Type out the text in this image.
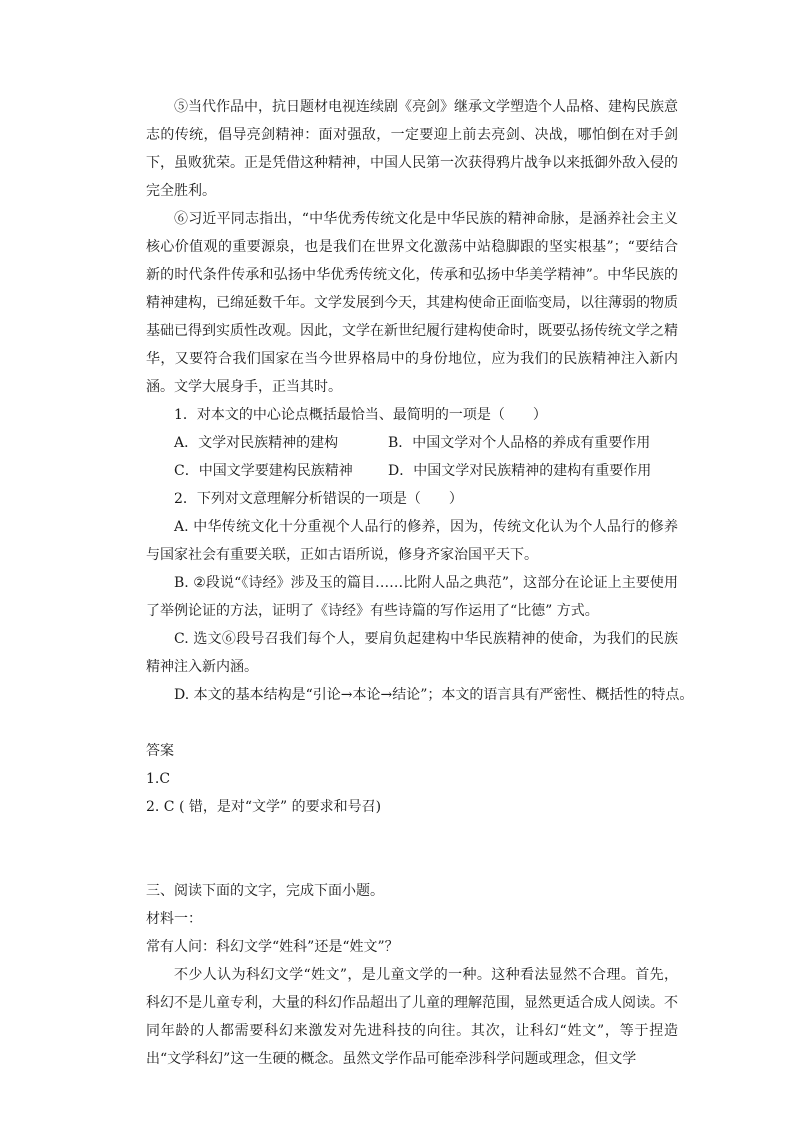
⑤当代作品中，抗日题材电视连续剧《亮剑》继承文学塑造个人品格、建构民族意志的传统，倡导亮剑精神：面对强敌，一定要迎上前去亮剑、决战，哪怕倒在对手剑下，虽败犹荣。正是凭借这种精神，中国人民第一次获得鸦片战争以来抵御外敌入侵的完全胜利。

⑥习近平同志指出，“中华优秀传统文化是中华民族的精神命脉，是涵养社会主义核心价值观的重要源泉，也是我们在世界文化激荡中站稳脚跟的坚实根基”；“要结合新的时代条件传承和弘扬中华优秀传统文化，传承和弘扬中华美学精神”。中华民族的精神建构，已绵延数千年。文学发展到今天，其建构使命正面临变局，以往薄弱的物质基础已得到实质性改观。因此，文学在新世纪履行建构使命时，既要弘扬传统文学之精华，又要符合我们国家在当今世界格局中的身份地位，应为我们的民族精神注入新内涵。文学大展身手，正当其时。

1．对本文的中心论点概括最恰当、最简明的一项是（　　）

A．文学对民族精神的建构	B．中国文学对个人品格的养成有重要作用
C．中国文学要建构民族精神	D．中国文学对民族精神的建构有重要作用

2．下列对文意理解分析错误的一项是（　　）

A. 中华传统文化十分重视个人品行的修养，因为，传统文化认为个人品行的修养与国家社会有重要关联，正如古语所说，修身齐家治国平天下。

B. ②段说“《诗经》涉及玉的篇目……比附人品之典范”，这部分在论证上主要使用了举例论证的方法，证明了《诗经》有些诗篇的写作运用了“比德” 方式。

C. 选文⑥段号召我们每个人，要肩负起建构中华民族精神的使命，为我们的民族精神注入新内涵。

D. 本文的基本结构是“引论→本论→结论”；本文的语言具有严密性、概括性的特点。

答案

1.C

2. C ( 错，是对“文学” 的要求和号召)

三、阅读下面的文字，完成下面小题。

材料一：

常有人问：科幻文学“姓科”还是“姓文”？

不少人认为科幻文学“姓文”，是儿童文学的一种。这种看法显然不合理。首先，科幻不是儿童专利，大量的科幻作品超出了儿童的理解范围，显然更适合成人阅读。不同年龄的人都需要科幻来激发对先进科技的向往。其次，让科幻“姓文”，等于捏造出“文学科幻”这一生硬的概念。虽然文学作品可能牵涉科学问题或理念，但文学
